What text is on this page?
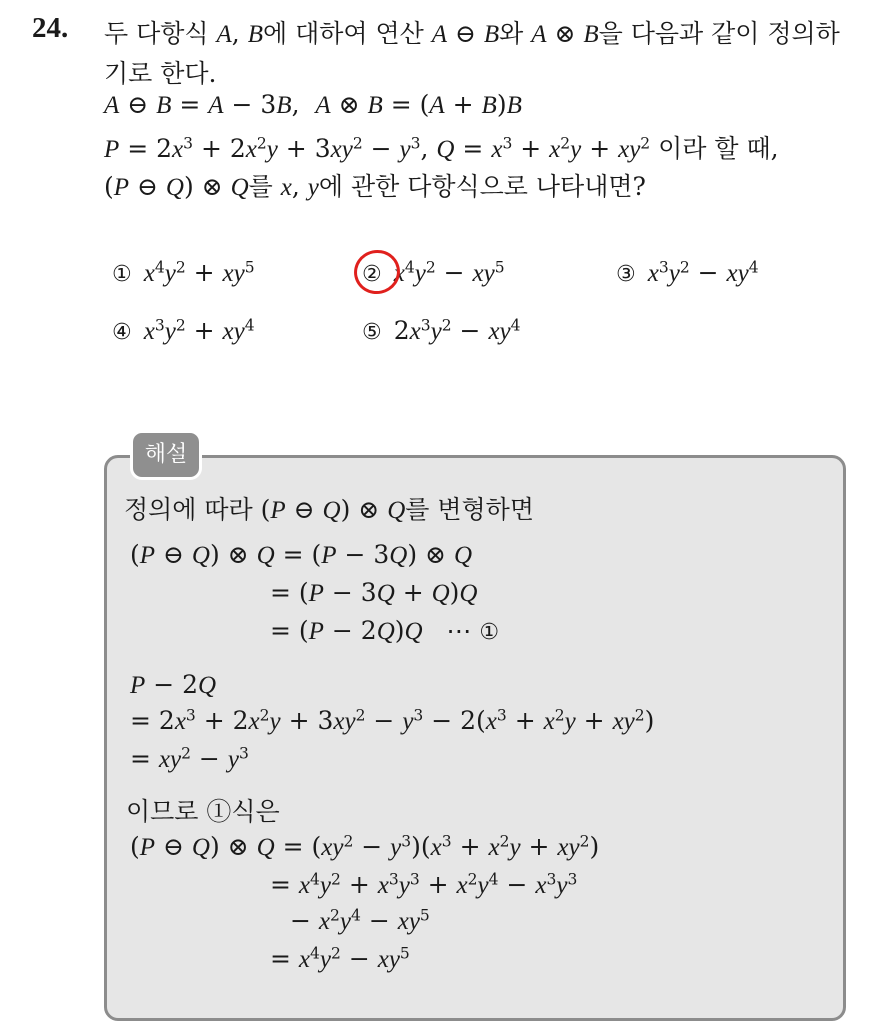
24. 두 다항식 A, B에 대하여 연산 A ⊖ B와 A ⊗ B을 다음과 같이 정의하
기로 한다.
A ⊖ B = A − 3B,  A ⊗ B = (A + B)B
$P = 2x^3 + 2x^2y + 3xy^2 - y^3$, $Q = x^3 + x^2y + xy^2$ 이라 할 때,
(P ⊖ Q) ⊗ Q를 x, y에 관한 다항식으로 나타내면?
① $x^4y^2 + xy^5$	② $x^4y^2 - xy^5$	③ $x^3y^2 - xy^4$
④ $x^3y^2 + xy^4$	⑤ $2x^3y^2 - xy^4$
해설
정의에 따라 (P ⊖ Q) ⊗ Q를 변형하면
(P ⊖ Q) ⊗ Q = (P − 3Q) ⊗ Q
= (P − 3Q + Q)Q
= (P − 2Q)Q   ⋯ ①
P − 2Q
= $2x^3 + 2x^2y + 3xy^2 - y^3 - 2(x^3 + x^2y + xy^2)$
= $xy^2 - y^3$
이므로 ①식은
(P ⊖ Q) ⊗ $Q = (xy^2 - y^3)(x^3 + x^2y + xy^2)$
= $x^4y^2 + x^3y^3 + x^2y^4 - x^3y^3$
− $x^2y^4 - xy^5$
= $x^4y^2 - xy^5$
